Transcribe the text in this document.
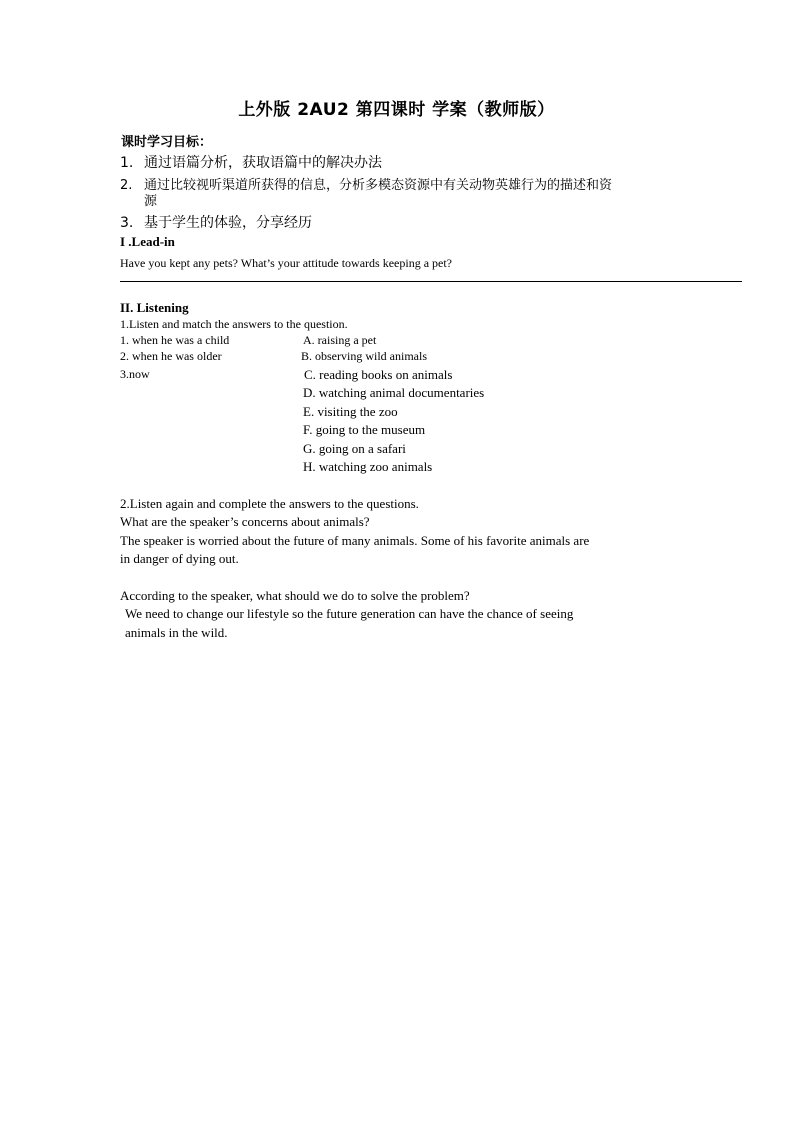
上外版 2AU2 第四课时 学案（教师版）
课时学习目标：
1. 通过语篇分析，获取语篇中的解决办法
2. 通过比较视听渠道所获得的信息，分析多模态资源中有关动物英雄行为的描述和资
源
3. 基于学生的体验，分享经历
I .Lead-in
Have you kept any pets? What’s your attitude towards keeping a pet?
II. Listening
1.Listen and match the answers to the question.
1. when he was a child
2. when he was older
3.now
A. raising a pet
B. observing wild animals
C. reading books on animals
D. watching animal documentaries
E. visiting the zoo
F. going to the museum
G. going on a safari
H. watching zoo animals
2.Listen again and complete the answers to the questions.
What are the speaker’s concerns about animals?
The speaker is worried about the future of many animals. Some of his favorite animals are
in danger of dying out.
According to the speaker, what should we do to solve the problem?
We need to change our lifestyle so the future generation can have the chance of seeing
animals in the wild.
